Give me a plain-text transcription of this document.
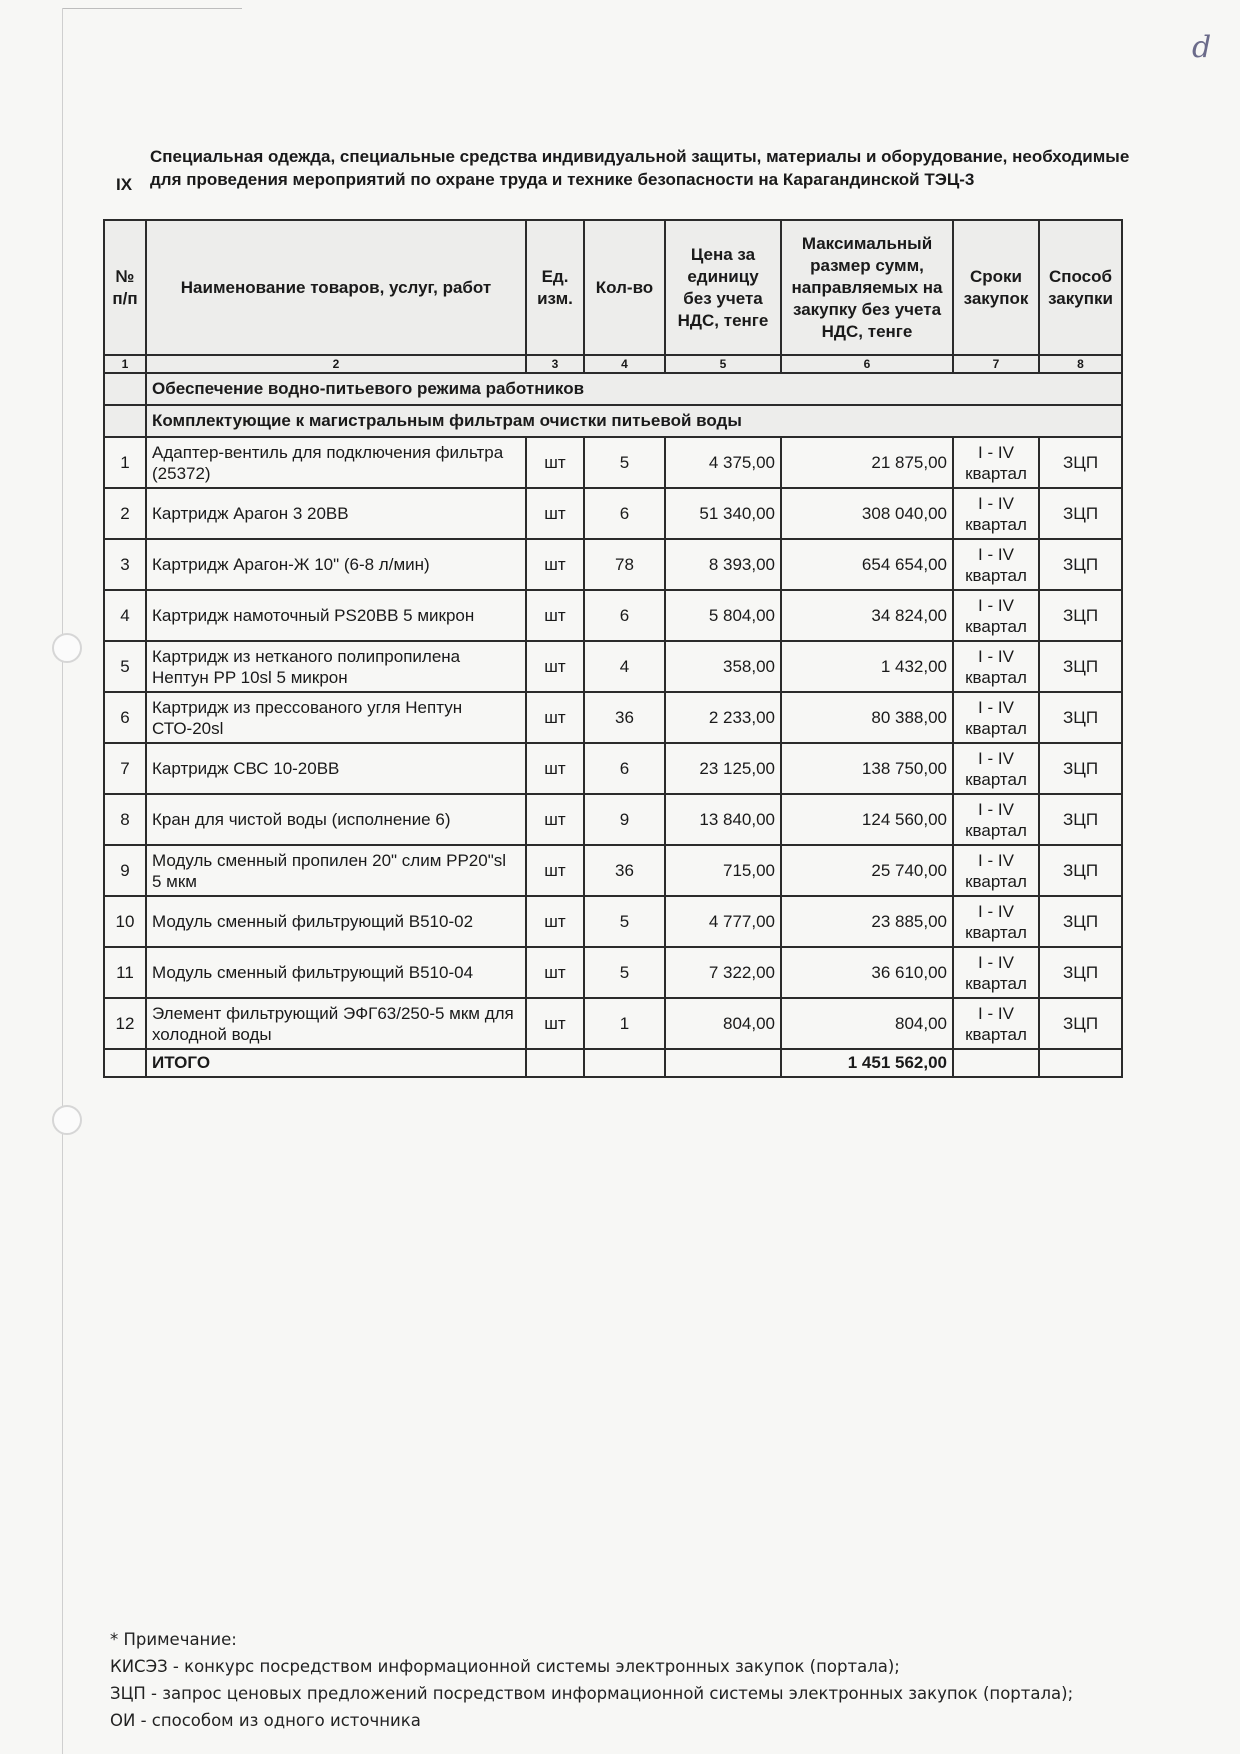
d
IX
Специальная одежда, специальные средства индивидуальной защиты, материалы и оборудование, необходимые для проведения мероприятий по охране труда и технике безопасности на Карагандинской ТЭЦ-3
№ п/п	Наименование товаров, услуг, работ	Ед. изм.	Кол-во	Цена за единицу без учета НДС, тенге	Максимальный размер сумм, направляемых на закупку без учета НДС, тенге	Сроки закупок	Способ закупки
1	2	3	4	5	6	7	8
	Обеспечение водно-питьевого режима работников						
	Комплектующие к магистральным фильтрам очистки питьевой воды						
1	Адаптер-вентиль для подключения фильтра (25372)	шт	5	4 375,00	21 875,00	I - IV квартал	ЗЦП
2	Картридж Арагон 3 20ВВ	шт	6	51 340,00	308 040,00	I - IV квартал	ЗЦП
3	Картридж Арагон-Ж 10" (6-8 л/мин)	шт	78	8 393,00	654 654,00	I - IV квартал	ЗЦП
4	Картридж намоточный PS20BB 5 микрон	шт	6	5 804,00	34 824,00	I - IV квартал	ЗЦП
5	Картридж из нетканого полипропилена Нептун PP 10sl 5 микрон	шт	4	358,00	1 432,00	I - IV квартал	ЗЦП
6	Картридж из прессованого угля Нептун СТО-20sl	шт	36	2 233,00	80 388,00	I - IV квартал	ЗЦП
7	Картридж СВС 10-20ВВ	шт	6	23 125,00	138 750,00	I - IV квартал	ЗЦП
8	Кран для чистой воды (исполнение 6)	шт	9	13 840,00	124 560,00	I - IV квартал	ЗЦП
9	Модуль сменный пропилен 20" слим PP20"sl 5 мкм	шт	36	715,00	25 740,00	I - IV квартал	ЗЦП
10	Модуль сменный фильтрующий В510-02	шт	5	4 777,00	23 885,00	I - IV квартал	ЗЦП
11	Модуль сменный фильтрующий В510-04	шт	5	7 322,00	36 610,00	I - IV квартал	ЗЦП
12	Элемент фильтрующий ЭФГ63/250-5 мкм для холодной воды	шт	1	804,00	804,00	I - IV квартал	ЗЦП
	ИТОГО				1 451 562,00		
* Примечание:
КИСЭЗ - конкурс посредством информационной системы электронных закупок (портала);
ЗЦП - запрос ценовых предложений посредством информационной системы электронных закупок (портала);
ОИ - способом из одного источника
